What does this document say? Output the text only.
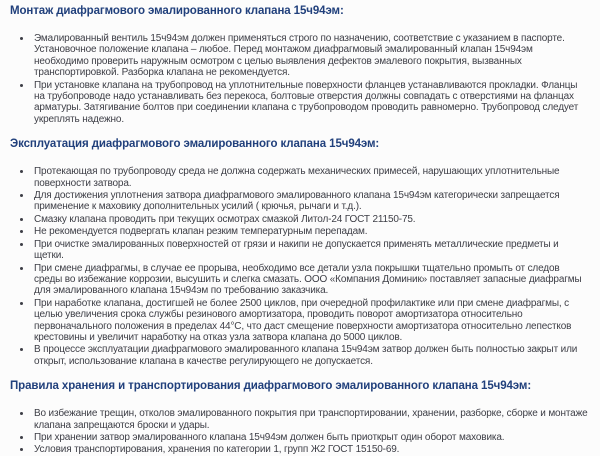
Монтаж диафрагмового эмалированного клапана 15ч94эм:
• Эмалированный вентиль 15ч94эм должен применяться строго по назначению, соответствие с указанием в паспорте. Установочное положение клапана – любое. Перед монтажом диафрагмовый эмалированный клапан 15ч94эм необходимо проверить наружным осмотром с целью выявления дефектов эмалевого покрытия, вызванных транспортировкой. Разборка клапана не рекомендуется.
• При установке клапана на трубопровод на уплотнительные поверхности фланцев устанавливаются прокладки. Фланцы на трубопроводе надо устанавливать без перекоса, болтовые отверстия должны совпадать с отверстиями на фланцах арматуры. Затягивание болтов при соединении клапана с трубопроводом проводить равномерно. Трубопровод следует укреплять надежно.
Эксплуатация диафрагмового эмалированного клапана 15ч94эм:
• Протекающая по трубопроводу среда не должна содержать механических примесей, нарушающих уплотнительные поверхности затвора.
• Для достижения уплотнения затвора диафрагмового эмалированного клапана 15ч94эм категорически запрещается применение к маховику дополнительных усилий ( крючья, рычаги и т.д.).
• Смазку клапана проводить при текущих осмотрах смазкой Литол-24 ГОСТ 21150-75.
• Не рекомендуется подвергать клапан резким температурным перепадам.
• При очистке эмалированных поверхностей от грязи и накипи не допускается применять металлические предметы и щетки.
• При смене диафрагмы, в случае ее прорыва, необходимо все детали узла покрышки тщательно промыть от следов среды во избежание коррозии, высушить и слегка смазать. ООО «Компания Доминик» поставляет запасные диафрагмы для эмалированного клапана 15ч94эм по требованию заказчика.
• При наработке клапана, достигшей не более 2500 циклов, при очередной профилактике или при смене диафрагмы, с целью увеличения срока службы резинового амортизатора, проводить поворот амортизатора относительно первоначального положения в пределах 44°С, что даст смещение поверхности амортизатора относительно лепестков крестовины и увеличит наработку на отказ узла затвора клапана до 5000 циклов.
• В процессе эксплуатации диафрагмового эмалированного клапана 15ч94эм затвор должен быть полностью закрыт или открыт, использование клапана в качестве регулирующего не допускается.
Правила хранения и транспортирования диафрагмового эмалированного клапана 15ч94эм:
• Во избежание трещин, отколов эмалированного покрытия при транспортировании, хранении, разборке, сборке и монтаже клапана запрещаются броски и удары.
• При хранении затвор эмалированного клапана 15ч94эм должен быть приоткрыт один оборот маховика.
• Условия транспортирования, хранения по категории 1, групп Ж2 ГОСТ 15150-69.
